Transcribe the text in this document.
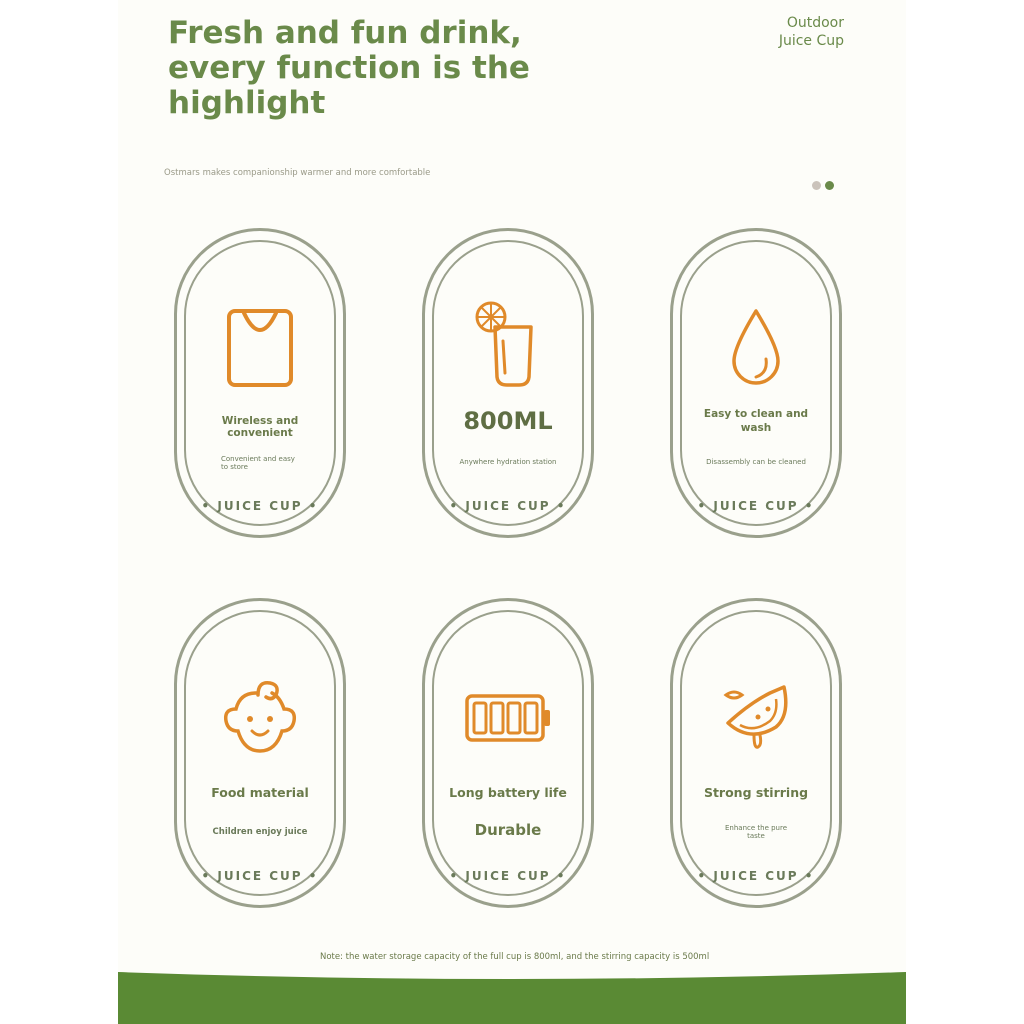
Fresh and fun drink,
every function is the
highlight
Outdoor
Juice Cup
Ostmars makes companionship warmer and more comfortable
Wireless and convenient
Convenient and easy to store
• JUICE CUP •
800ML
Anywhere hydration station
• JUICE CUP •
Easy to clean and wash
Disassembly can be cleaned
• JUICE CUP •
Food material
Children enjoy juice
• JUICE CUP •
Long battery life
Durable
• JUICE CUP •
Strong stirring
Enhance the pure taste
• JUICE CUP •
Note: the water storage capacity of the full cup is 800ml, and the stirring capacity is 500ml
